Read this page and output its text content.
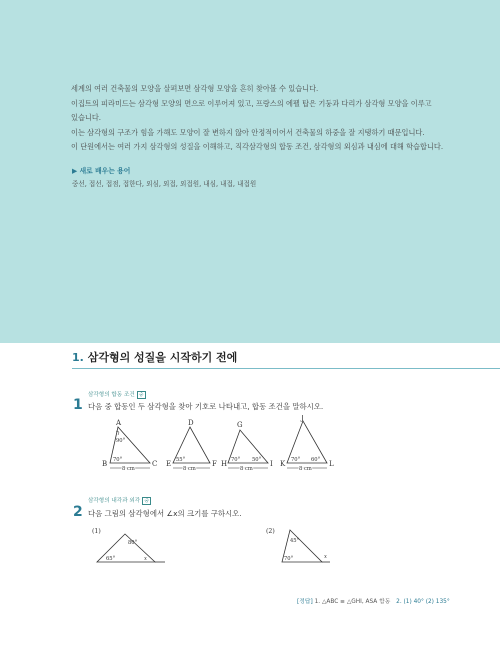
세계의 여러 건축물의 모양을 살펴보면 삼각형 모양을 흔히 찾아볼 수 있습니다.

이집트의 피라미드는 삼각형 모양의 면으로 이루어져 있고, 프랑스의 에펠 탑은 기둥과 다리가 삼각형 모양을 이루고

있습니다.

이는 삼각형의 구조가 힘을 가해도 모양이 잘 변하지 않아 안정적이어서 건축물의 하중을 잘 지탱하기 때문입니다.

이 단원에서는 여러 가지 삼각형의 성질을 이해하고, 직각삼각형의 합동 조건, 삼각형의 외심과 내심에 대해 학습합니다.

▶ 새로 배우는 용어
중선, 접선, 접점, 접한다, 외심, 외접, 외접원, 내심, 내접, 내접원
1. 삼각형의 성질을 시작하기 전에
삼각형의 합동 조건 중
1 다음 중 합동인 두 삼각형을 찾아 기호로 나타내고, 합동 조건을 말하시오.
A
B	C
D
E	F
G
H	I
J
K	L
90°
70°	55°	70° 50°	70° 60°
8 cm	8 cm	8 cm	8 cm
삼각형의 내각과 외각 중
2 다음 그림의 삼각형에서 ∠x의 크기를 구하시오.
(1)	(2)
80°
65°	x
45°
70°	x
[정답] 1. △ABC ≡ △GHI, ASA 합동 2. (1) 40° (2) 135°
